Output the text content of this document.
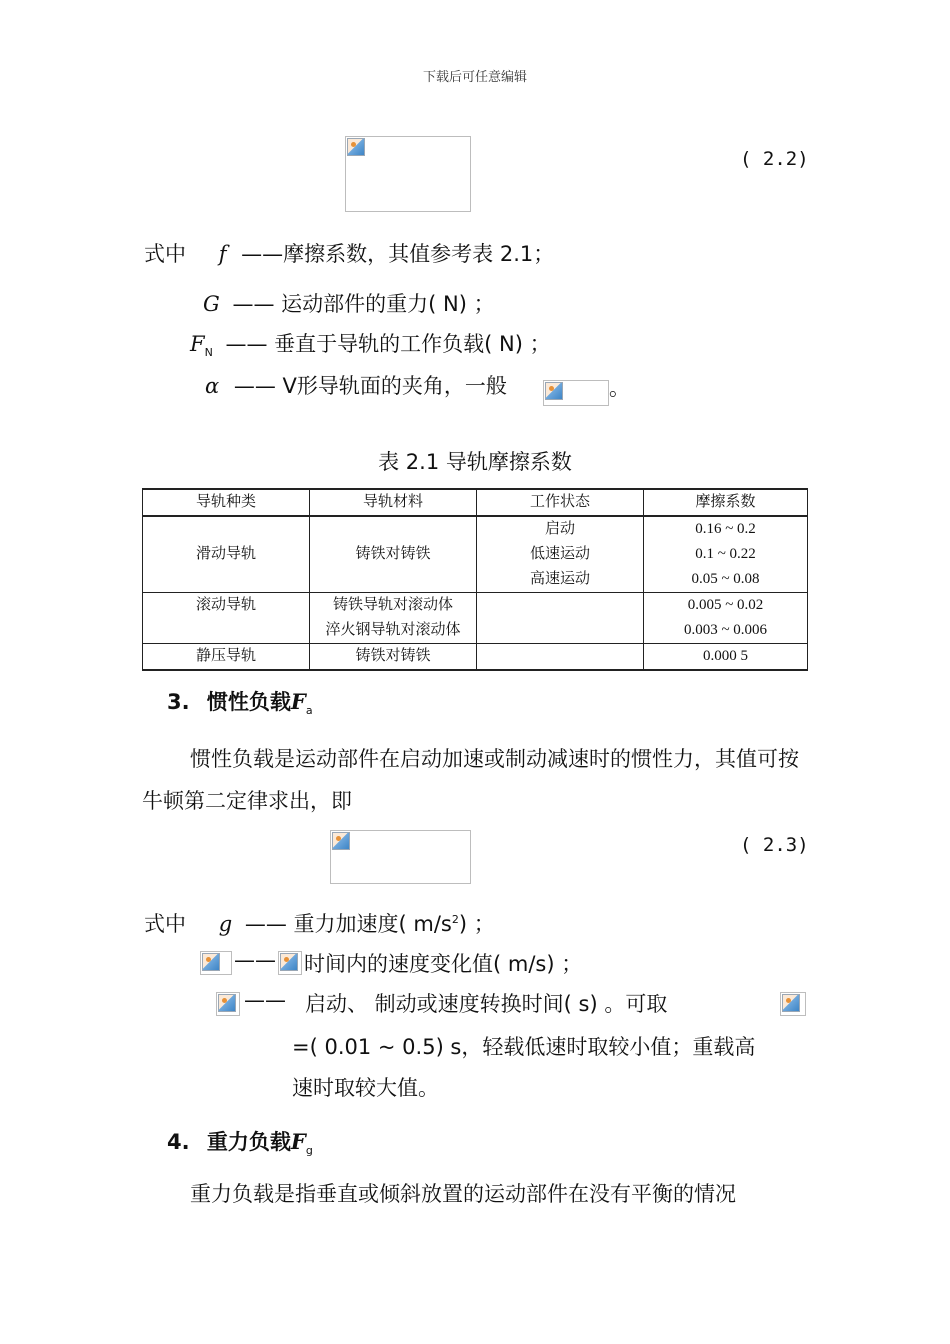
下载后可任意编辑
( 2.2)
式中 f ——摩擦系数，其值参考表 2.1；
G —— 运动部件的重力( N) ；
$F_N$ —— 垂直于导轨的工作负载( N) ；
α —— V形导轨面的夹角，一般	。
表 2.1 导轨摩擦系数
导轨种类	导轨材料	工作状态	摩擦系数
滑动导轨	铸铁对铸铁	启动	0.16 ~ 0.2
		低速运动	0.1 ~ 0.22
		高速运动	0.05 ~ 0.08
滚动导轨	铸铁导轨对滚动体		0.005 ~ 0.02
	淬火钢导轨对滚动体		0.003 ~ 0.006
静压导轨	铸铁对铸铁		0.000 5
3. 惯性负载$F_a$
惯性负载是运动部件在启动加速或制动减速时的惯性力，其值可按牛顿第二定律求出，即
( 2.3)
式中 g —— 重力加速度( $m/s^2$) ；
—— 时间内的速度变化值( m/s) ；
—— 启动、 制动或速度转换时间( s) 。可取
=( 0.01 ~ 0.5) s，轻载低速时取较小值；重载高
速时取较大值。
4. 重力负载$F_g$
重力负载是指垂直或倾斜放置的运动部件在没有平衡的情况
